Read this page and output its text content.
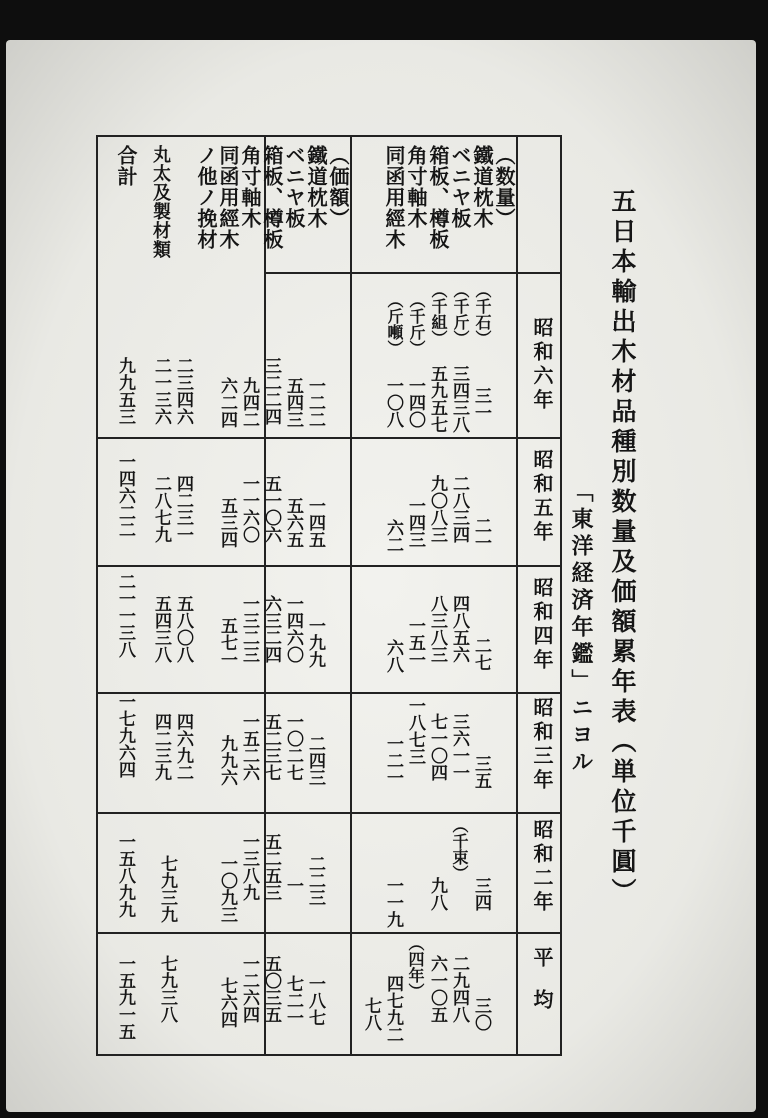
五日本輸出木材品種別数量及価額累年表（単位千圓）
「東洋経済年鑑」ニヨル
（数量）
鐵道枕木
ベニヤ板
箱板、樽板
角寸軸木
同函用經木
（価額）
鐵道枕木
ベニヤ板
箱板、樽板
角寸軸木
同函用經木
ノ他ノ挽材
丸太及製材類
合計
（千石）
（千斤）
（千組）
（千斤）
（斤噸）	昭和六年
昭和五年
昭和四年
昭和三年
昭和二年
平均
三一
三四三八
五九五七
一四〇
一〇八
一二二
五四三
三二二四
九四二
六二四
二三四六
二一三六
九九五三
二一
二八三四
九〇八三
一四三
六二
一四五
五六五
五一〇六
一一六〇
五三四
四二三一
二八七九
一四六二二
二七
四八五六
八三八三
一五一
六八
一九九
一四六〇
六三二四
一三二三
五七一
五八〇八
五四三八
二一一三八
三五
三六一一
七一〇四
一八七三
一二一
二四三
一〇二七
五二三七
一五二六
九九六
四六九二
四二三九
一七九六四
（千束）
三四
九八
一一九
二二三
一
五二五三
一三八九
一〇九三
七九三九
一五八九九
（四年）
三〇
二九四八
六一〇五
四七九二
七八
一八七
七二一
五〇三五
一二六四
七六四
七九三八
一五九一五
